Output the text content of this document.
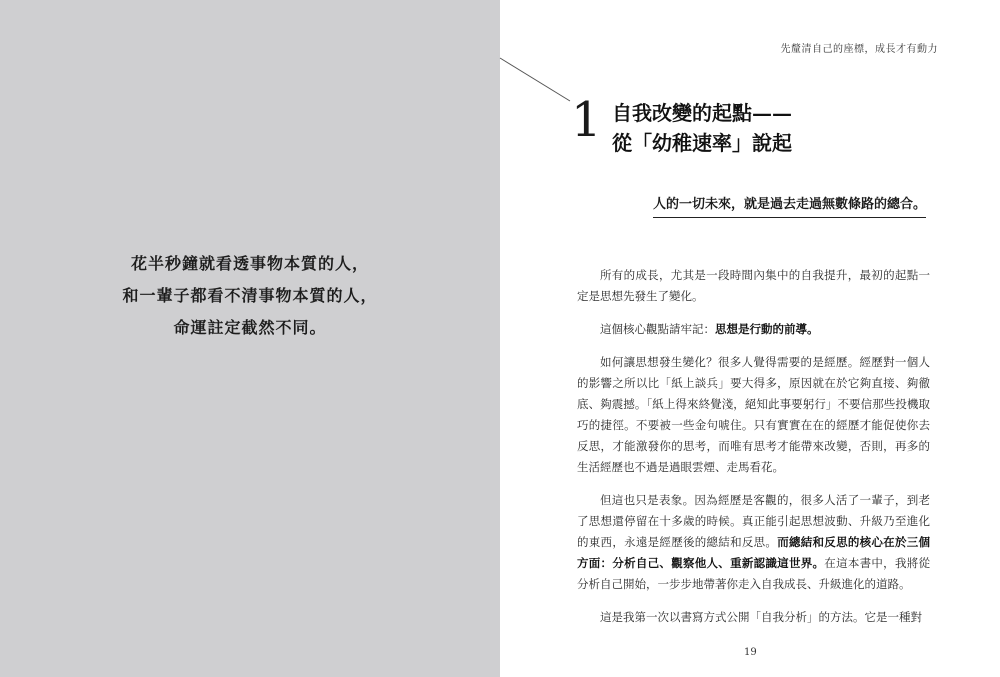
花半秒鐘就看透事物本質的人，
和一輩子都看不清事物本質的人，
命運註定截然不同。
先釐清自己的座標，成長才有動力
1 自我改變的起點——
從「幼稚速率」說起
人的一切未來，就是過去走過無數條路的總合。

所有的成長，尤其是一段時間內集中的自我提升，最初的起點一定是思想先發生了變化。

這個核心觀點請牢記：思想是行動的前導。

如何讓思想發生變化？很多人覺得需要的是經歷。經歷對一個人的影響之所以比「紙上談兵」要大得多，原因就在於它夠直接、夠徹底、夠震撼。「紙上得來終覺淺，絕知此事要躬行」不要信那些投機取巧的捷徑。不要被一些金句唬住。只有實實在在的經歷才能促使你去反思，才能激發你的思考，而唯有思考才能帶來改變，否則，再多的生活經歷也不過是過眼雲煙、走馬看花。

但這也只是表象。因為經歷是客觀的，很多人活了一輩子，到老了思想還停留在十多歲的時候。真正能引起思想波動、升級乃至進化的東西，永遠是經歷後的總結和反思。而總結和反思的核心在於三個方面：分析自己、觀察他人、重新認識這世界。在這本書中，我將從分析自己開始，一步步地帶著你走入自我成長、升級進化的道路。

這是我第一次以書寫方式公開「自我分析」的方法。它是一種對

19
